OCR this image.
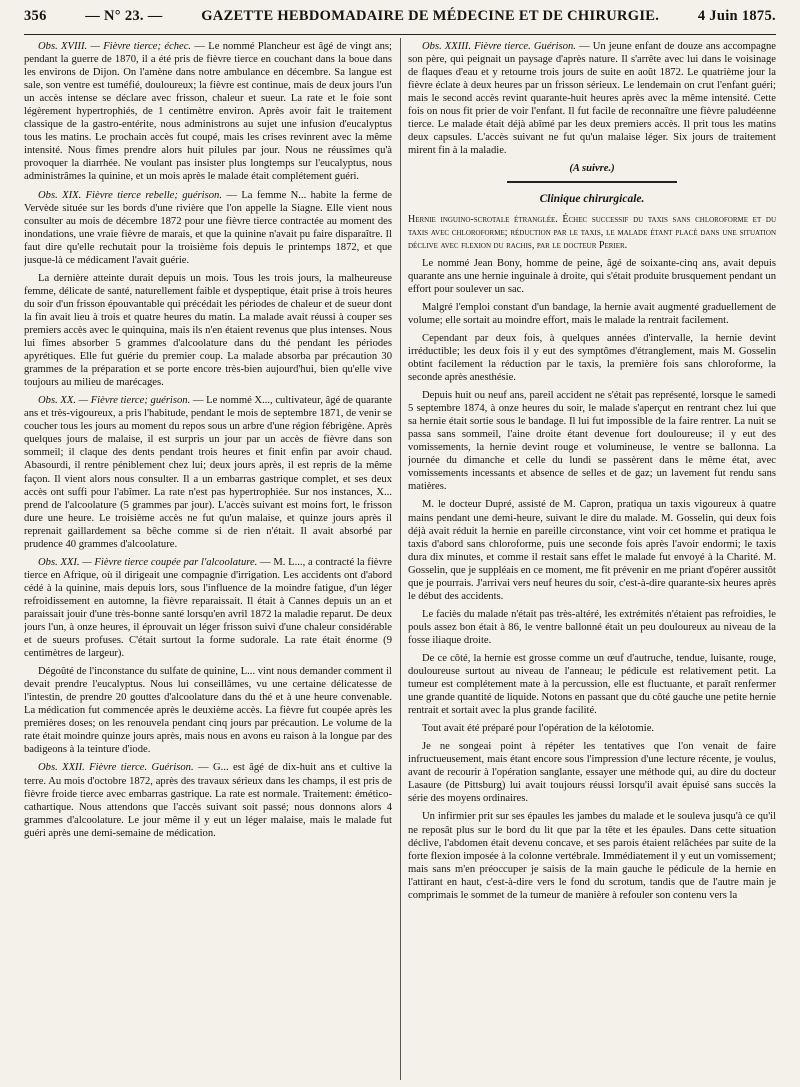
356	— N° 23. —	GAZETTE HEBDOMADAIRE DE MÉDECINE ET DE CHIRURGIE.	4 Juin 1875.

Obs. XVIII. — Fièvre tierce; échec. — Le nommé Plancheur est âgé de vingt ans; pendant la guerre de 1870, il a été pris de fièvre tierce en couchant dans la boue dans les environs de Dijon. On l'amène dans notre ambulance en décembre. Sa langue est sale, son ventre est tuméfié, douloureux; la fièvre est continue, mais de deux jours l'un un accès intense se déclare avec frisson, chaleur et sueur. La rate et le foie sont légèrement hypertrophiés, de 1 centimètre environ. Après avoir fait le traitement classique de la gastro-entérite, nous administrons au sujet une infusion d'eucalyptus tous les matins. Le prochain accès fut coupé, mais les crises revinrent avec la même intensité. Nous fîmes prendre alors huit pilules par jour. Nous ne réussîmes qu'à provoquer la diarrhée. Ne voulant pas insister plus longtemps sur l'eucalyptus, nous administrâmes la quinine, et un mois après le malade était complétement guéri.

Obs. XIX. Fièvre tierce rebelle; guérison. — La femme N... habite la ferme de Vervède située sur les bords d'une rivière que l'on appelle la Siagne. Elle vient nous consulter au mois de décembre 1872 pour une fièvre tierce contractée au moment des inondations, une vraie fièvre de marais, et que la quinine n'avait pu faire disparaître. Il faut dire qu'elle rechutait pour la troisième fois depuis le printemps 1872, et que jusque-là ce médicament l'avait guérie.

La dernière atteinte durait depuis un mois. Tous les trois jours, la malheureuse femme, délicate de santé, naturellement faible et dyspeptique, était prise à trois heures du soir d'un frisson épouvantable qui précédait les périodes de chaleur et de sueur dont la fin avait lieu à trois et quatre heures du matin. La malade avait réussi à couper ses premiers accès avec le quinquina, mais ils n'en étaient revenus que plus intenses. Nous lui fîmes absorber 5 grammes d'alcoolature dans du thé pendant les périodes apyrétiques. Elle fut guérie du premier coup. La malade absorba par précaution 30 grammes de la préparation et se porte encore très-bien aujourd'hui, bien qu'elle vive toujours au milieu de marécages.

Obs. XX. — Fièvre tierce; guérison. — Le nommé X..., cultivateur, âgé de quarante ans et très-vigoureux, a pris l'habitude, pendant le mois de septembre 1871, de venir se coucher tous les jours au moment du repos sous un arbre d'une région fébrigène. Après quelques jours de malaise, il est surpris un jour par un accès de fièvre dans son sommeil; il claque des dents pendant trois heures et finit enfin par avoir chaud. Abasourdi, il rentre péniblement chez lui; deux jours après, il est repris de la même façon. Il vient alors nous consulter. Il a un embarras gastrique complet, et ses deux accès ont suffi pour l'abîmer. La rate n'est pas hypertrophiée. Sur nos instances, X... prend de l'alcoolature (5 grammes par jour). L'accès suivant est moins fort, le frisson dure une heure. Le troisième accès ne fut qu'un malaise, et quinze jours après il reprenait gaillardement sa bêche comme si de rien n'était. Il avait absorbé par prudence 40 grammes d'alcoolature.

Obs. XXI. — Fièvre tierce coupée par l'alcoolature. — M. L..., a contracté la fièvre tierce en Afrique, où il dirigeait une compagnie d'irrigation. Les accidents ont d'abord cédé à la quinine, mais depuis lors, sous l'influence de la moindre fatigue, d'un léger refroidissement en automne, la fièvre reparaissait. Il était à Cannes depuis un an et paraissait jouir d'une très-bonne santé lorsqu'en avril 1872 la maladie reparut. De deux jours l'un, à onze heures, il éprouvait un léger frisson suivi d'une chaleur considérable et de sueurs profuses. C'était surtout la forme sudorale. La rate était énorme (9 centimètres de largeur).

Dégoûté de l'inconstance du sulfate de quinine, L... vint nous demander comment il devait prendre l'eucalyptus. Nous lui conseillâmes, vu une certaine délicatesse de l'intestin, de prendre 20 gouttes d'alcoolature dans du thé et à une heure convenable. La médication fut commencée après le deuxième accès. La fièvre fut coupée après les premières doses; on les renouvela pendant cinq jours par précaution. Le volume de la rate était moindre quinze jours après, mais nous en avons eu raison à la longue par des badigeons à la teinture d'iode.

Obs. XXII. Fièvre tierce. Guérison. — G... est âgé de dix-huit ans et cultive la terre. Au mois d'octobre 1872, après des travaux sérieux dans les champs, il est pris de fièvre froide tierce avec embarras gastrique. La rate est normale. Traitement: émético-cathartique. Nous attendons que l'accès suivant soit passé; nous donnons alors 4 grammes d'alcoolature. Le jour même il y eut un léger malaise, mais le malade fut guéri après une demi-semaine de médication.

Obs. XXIII. Fièvre tierce. Guérison. — Un jeune enfant de douze ans accompagne son père, qui peignait un paysage d'après nature. Il s'arrête avec lui dans le voisinage de flaques d'eau et y retourne trois jours de suite en août 1872. Le quatrième jour la fièvre éclate à deux heures par un frisson sérieux. Le lendemain on crut l'enfant guéri; mais le second accès revint quarante-huit heures après avec la même intensité. Cette fois on nous fit prier de voir l'enfant. Il fut facile de reconnaître une fièvre paludéenne tierce. Le malade était déjà abîmé par les deux premiers accès. Il prit tous les matins deux capsules. L'accès suivant ne fut qu'un malaise léger. Six jours de traitement mirent fin à la maladie.

(A suivre.)

Clinique chirurgicale.

Hernie inguino-scrotale étranglée. Échec successif du taxis sans chloroforme et du taxis avec chloroforme; réduction par le taxis, le malade étant placé dans une situation déclive avec flexion du rachis, par le docteur Perier.

Le nommé Jean Bony, homme de peine, âgé de soixante-cinq ans, avait depuis quarante ans une hernie inguinale à droite, qui s'était produite brusquement pendant un effort pour soulever un sac.

Malgré l'emploi constant d'un bandage, la hernie avait augmenté graduellement de volume; elle sortait au moindre effort, mais le malade la rentrait facilement.

Cependant par deux fois, à quelques années d'intervalle, la hernie devint irréductible; les deux fois il y eut des symptômes d'étranglement, mais M. Gosselin obtint facilement la réduction par le taxis, la première fois sans chloroforme, la seconde après anesthésie.

Depuis huit ou neuf ans, pareil accident ne s'était pas représenté, lorsque le samedi 5 septembre 1874, à onze heures du soir, le malade s'aperçut en rentrant chez lui que sa hernie était sortie sous le bandage. Il lui fut impossible de la faire rentrer. La nuit se passa sans sommeil, l'aine droite étant devenue fort douloureuse; il y eut des vomissements, la hernie devint rouge et volumineuse, le ventre se ballonna. La journée du dimanche et celle du lundi se passèrent dans le même état, avec vomissements incessants et absence de selles et de gaz; un lavement fut rendu sans matières.

M. le docteur Dupré, assisté de M. Capron, pratiqua un taxis vigoureux à quatre mains pendant une demi-heure, suivant le dire du malade. M. Gosselin, qui deux fois déjà avait réduit la hernie en pareille circonstance, vint voir cet homme et pratiqua le taxis d'abord sans chloroforme, puis une seconde fois après l'avoir endormi; le taxis dura dix minutes, et comme il restait sans effet le malade fut envoyé à la Charité. M. Gosselin, que je suppléais en ce moment, me fit prévenir en me priant d'opérer aussitôt que je pourrais. J'arrivai vers neuf heures du soir, c'est-à-dire quarante-six heures après le début des accidents.

Le faciès du malade n'était pas très-altéré, les extrémités n'étaient pas refroidies, le pouls assez bon était à 86, le ventre ballonné était un peu douloureux au niveau de la fosse iliaque droite.

De ce côté, la hernie est grosse comme un œuf d'autruche, tendue, luisante, rouge, douloureuse surtout au niveau de l'anneau; le pédicule est relativement petit. La tumeur est complétement mate à la percussion, elle est fluctuante, et paraît renfermer une grande quantité de liquide. Notons en passant que du côté gauche une petite hernie rentrait et sortait avec la plus grande facilité.

Tout avait été préparé pour l'opération de la kélotomie.

Je ne songeai point à répéter les tentatives que l'on venait de faire infructueusement, mais étant encore sous l'impression d'une lecture récente, je voulus, avant de recourir à l'opération sanglante, essayer une méthode qui, au dire du docteur Lasaure (de Pittsburg) lui avait toujours réussi lorsqu'il avait épuisé sans succès la série des moyens ordinaires.

Un infirmier prit sur ses épaules les jambes du malade et le souleva jusqu'à ce qu'il ne reposât plus sur le bord du lit que par la tête et les épaules. Dans cette situation déclive, l'abdomen était devenu concave, et ses parois étaient relâchées par suite de la forte flexion imposée à la colonne vertébrale. Immédiatement il y eut un vomissement; mais sans m'en préoccuper je saisis de la main gauche le pédicule de la hernie en l'attirant en haut, c'est-à-dire vers le fond du scrotum, tandis que de l'autre main je comprimais le sommet de la tumeur de manière à refouler son contenu vers la
